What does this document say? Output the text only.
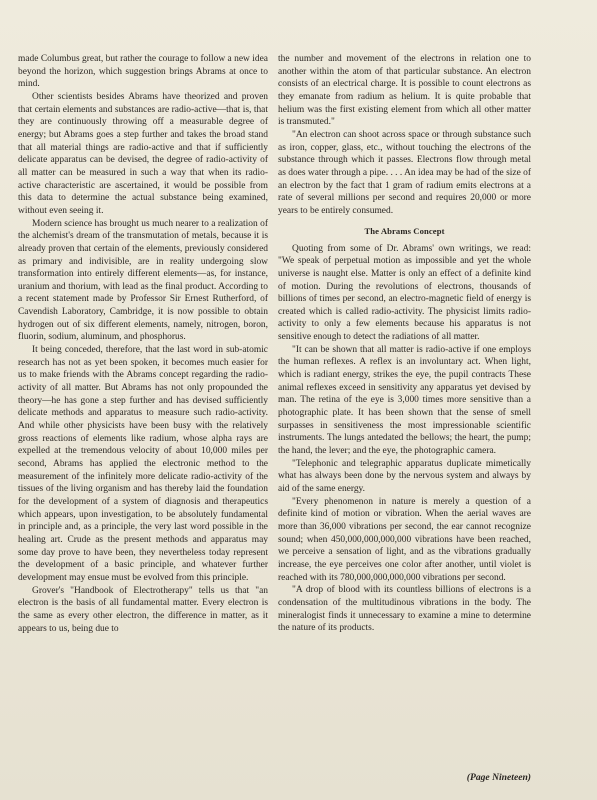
made Columbus great, but rather the courage to follow a new idea beyond the horizon, which suggestion brings Abrams at once to mind.

Other scientists besides Abrams have theorized and proven that certain elements and substances are radio-active—that is, that they are continuously throwing off a measurable degree of energy; but Abrams goes a step further and takes the broad stand that all material things are radio-active and that if sufficiently delicate apparatus can be devised, the degree of radio-activity of all matter can be measured in such a way that when its radio-active characteristic are ascertained, it would be possible from this data to determine the actual substance being examined, without even seeing it.

Modern science has brought us much nearer to a realization of the alchemist's dream of the transmutation of metals, because it is already proven that certain of the elements, previously considered as primary and indivisible, are in reality undergoing slow transformation into entirely different elements—as, for instance, uranium and thorium, with lead as the final product. According to a recent statement made by Professor Sir Ernest Rutherford, of Cavendish Laboratory, Cambridge, it is now possible to obtain hydrogen out of six different elements, namely, nitrogen, boron, fluorin, sodium, aluminum, and phosphorus.

It being conceded, therefore, that the last word in sub-atomic research has not as yet been spoken, it becomes much easier for us to make friends with the Abrams concept regarding the radio-activity of all matter. But Abrams has not only propounded the theory—he has gone a step further and has devised sufficiently delicate methods and apparatus to measure such radio-activity. And while other physicists have been busy with the relatively gross reactions of elements like radium, whose alpha rays are expelled at the tremendous velocity of about 10,000 miles per second, Abrams has applied the electronic method to the measurement of the infinitely more delicate radio-activity of the tissues of the living organism and has thereby laid the foundation for the development of a system of diagnosis and therapeutics which appears, upon investigation, to be absolutely fundamental in principle and, as a principle, the very last word possible in the healing art. Crude as the present methods and apparatus may some day prove to have been, they nevertheless today represent the development of a basic principle, and whatever further development may ensue must be evolved from this principle.

Grover's "Handbook of Electrotherapy" tells us that "an electron is the basis of all fundamental matter. Every electron is the same as every other electron, the difference in matter, as it appears to us, being due to

the number and movement of the electrons in relation one to another within the atom of that particular substance. An electron consists of an electrical charge. It is possible to count electrons as they emanate from radium as helium. It is quite probable that helium was the first existing element from which all other matter is transmuted."

"An electron can shoot across space or through substance such as iron, copper, glass, etc., without touching the electrons of the substance through which it passes. Electrons flow through metal as does water through a pipe. . . . An idea may be had of the size of an electron by the fact that 1 gram of radium emits electrons at a rate of several millions per second and requires 20,000 or more years to be entirely consumed.

The Abrams Concept

Quoting from some of Dr. Abrams' own writings, we read: "We speak of perpetual motion as impossible and yet the whole universe is naught else. Matter is only an effect of a definite kind of motion. During the revolutions of electrons, thousands of billions of times per second, an electro-magnetic field of energy is created which is called radio-activity. The physicist limits radio-activity to only a few elements because his apparatus is not sensitive enough to detect the radiations of all matter.

"It can be shown that all matter is radio-active if one employs the human reflexes. A reflex is an involuntary act. When light, which is radiant energy, strikes the eye, the pupil contracts These animal reflexes exceed in sensitivity any apparatus yet devised by man. The retina of the eye is 3,000 times more sensitive than a photographic plate. It has been shown that the sense of smell surpasses in sensitiveness the most impressionable scientific instruments. The lungs antedated the bellows; the heart, the pump; the hand, the lever; and the eye, the photographic camera.

"Telephonic and telegraphic apparatus duplicate mimetically what has always been done by the nervous system and always by aid of the same energy.

"Every phenomenon in nature is merely a question of a definite kind of motion or vibration. When the aerial waves are more than 36,000 vibrations per second, the ear cannot recognize sound; when 450,000,000,000,000 vibrations have been reached, we perceive a sensation of light, and as the vibrations gradually increase, the eye perceives one color after another, until violet is reached with its 780,000,000,000,000 vibrations per second.

"A drop of blood with its countless billions of electrons is a condensation of the multitudinous vibrations in the body. The mineralogist finds it unnecessary to examine a mine to determine the nature of its products.

(Page Nineteen)
